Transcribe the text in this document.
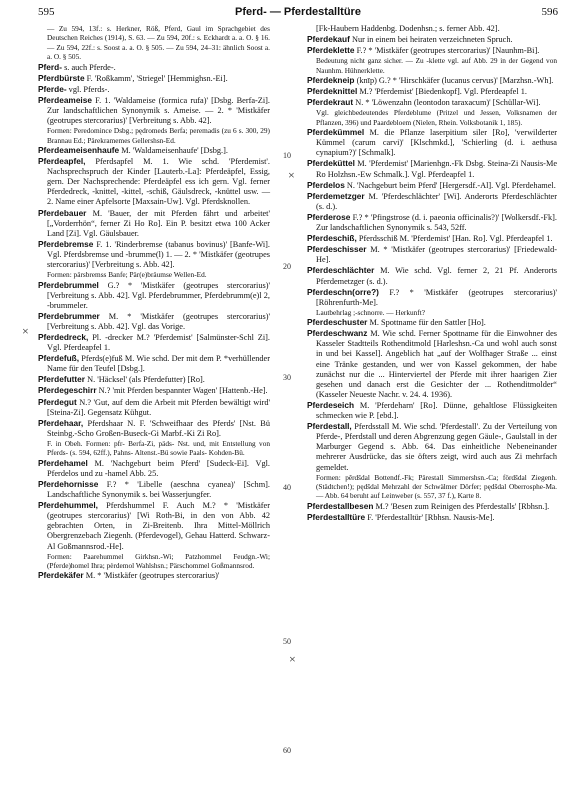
595	Pferd- — Pferdestalltüre	596

— Zu 594, 13f.: s. Herkner, Röß, Pferd, Gaul im Sprachgebiet des Deutschen Reiches (1914), S. 63. — Zu 594, 20f.: s. Eckhardt a. a. O. § 16. — Zu 594, 22f.: s. Soost a. a. O. § 505. — Zu 594, 24–31: ähnlich Soost a. a. O. § 505.

Pferd- s. auch Pferde-.

Pferdbürste F. 'Roßkamm', 'Striegel' [Hemmighsn.-Ei].

Pferde- vgl. Pferds-.

Pferdeameise F. 1. 'Waldameise (formica rufa)' [Dsbg. Berfa-Zi]. Zur landschaftlichen Synonymik s. Ameise. — 2. * 'Mistkäfer (geotrupes stercorarius)' [Verbreitung s. Abb. 42].

Formen: Peredomince Dsbg.; pędromeds Berfa; peremadis (zu 6 s. 300, 29) Brannau Ed.; Pärekramemes Gellershsn-Ed.

Pferdeameisenhaufe M. 'Waldameisenhaufe' [Dsbg.].

Pferdeapfel, Pferdsapfel M. 1. Wie schd. 'Pferdemist'. Nachsprechspruch der Kinder [Lauterb.-La]: Pferdeäpfel, Essig, gern. Der Nachsprechende: Pferdeäpfel ess ich gern. Vgl. ferner Pferdedreck, -knittel, -kittel, -schiß, Gäulsdreck, -knüttel usw. — 2. Name einer Apfelsorte [Maxsain-Uw]. Vgl. Pferdsknollen.

Pferdebauer M. 'Bauer, der mit Pferden fährt und arbeitet' [„Vorderrhön“, ferner Zi Ho Ro]. Ein P. besitzt etwa 100 Acker Land [Zi]. Vgl. Gäulsbauer.

Pferdebremse F. 1. 'Rinderbremse (tabanus bovinus)' [Banfe-Wi]. Vgl. Pferdsbremse und -brumme(l) 1. — 2. * 'Mistkäfer (geotrupes stercorarius)' [Verbreitung s. Abb. 42].

Formen: pärsbremss Banfe; Pär(e)bräumse Wellen-Ed.

Pferdebrummel G.? * 'Mistkäfer (geotrupes stercorarius)' [Verbreitung s. Abb. 42]. Vgl. Pferdebrummer, Pferdebrumm(e)l 2, -brummeler.

Pferdebrummer M. * 'Mistkäfer (geotrupes stercorarius)' [Verbreitung s. Abb. 42]. Vgl. das Vorige.

Pferdedreck, Pl. -drecker M.? 'Pferdemist' [Salmünster-Schl Zi]. Vgl. Pferdeapfel 1.

Pferdefuß, Pferds(e)fuß M. Wie schd. Der mit dem P. *verhüllender Name für den Teufel [Dsbg.].

Pferdefutter N. 'Häcksel' (als Pferdefutter) [Ro].

Pferdegeschirr N.? 'mit Pferden bespannter Wagen' [Hattenb.-He].

Pferdegut N.? 'Gut, auf dem die Arbeit mit Pferden bewältigt wird' [Steina-Zi]. Gegensatz Kühgut.

Pferdehaar, Pferdshaar N. F. 'Schweifhaar des Pferds' [Nst. Bü Steinbg.-Scho Großen-Buseck-Gi Marbf.-Ki Zi Ro].

F. in Obeh. Formen: pfr- Berfa-Zi, päds- Nst. und, mit Entstellung von Pferds- (s. 594, 62ff.), Pahns- Altenst.-Bü sowie Paals- Kohden-Bü.

Pferdehamel M. 'Nachgeburt beim Pferd' [Sudeck-Ei]. Vgl. Pferdelos und zu -hamel Abb. 25.

Pferdehornisse F.? * 'Libelle (aeschna cyanea)' [Schm]. Landschaftliche Synonymik s. bei Wasserjungfer.

Pferdehummel, Pferdshummel F. Auch M.? * 'Mistkäfer (geotrupes stercorarius)' [Wi Roth-Bi, in den von Abb. 42 gebrachten Orten, in Zi-Breitenb. Ihra Mittel-Möllrich Obergrenzebach Ziegenh. (Pferdevogel), Gehau Hatterd. Schwarz-Al Goßmannsrod.-He].

Formen: Paarehummel Girkhsn.-Wi; Patzhommel Feudgn.-Wi; (Pferde)homel Ihra; pèrdemol Wahlshsn.; Pärschommel Goßmannsrod.

Pferdekäfer M. * 'Mistkäfer (geotrupes stercorarius)'

[Fk-Haubern Haddenbg. Dodenhsn.; s. ferner Abb. 42].

Pferdekauf Nur in einem bei heiraten verzeichneten Spruch.

Pferdeklette F.? * 'Mistkäfer (geotrupes stercorarius)' [Naunhm-Bi].

Bedeutung nicht ganz sicher. — Zu -klette vgl. auf Abb. 29 in der Gegend von Naunhm. Hühnerklette.

Pferdekneip (knīp) G.? * 'Hirschkäfer (lucanus cervus)' [Marzhsn.-Wh].

Pferdeknittel M.? 'Pferdemist' [Biedenkopf]. Vgl. Pferdeapfel 1.

Pferdekraut N. * 'Löwenzahn (leontodon taraxacum)' [Schüllar-Wi].

Vgl. gleichbedeutendes Pferdeblume (Pritzel und Jessen, Volksnamen der Pflanzen, 396) und Paardebloem (Nielen, Rhein. Volksbotanik 1, 185).

Pferdekümmel M. die Pflanze laserpitium siler [Ro], 'verwilderter Kümmel (carum carvi)' [Klschmkd.], 'Schierling (d. i. aethusa cynapium?)' [Schmalk].

Pferdeküttel M. 'Pferdemist' [Marienhgn.-Fk Dsbg. Steina-Zi Nausis-Me Ro Holzhsn.-Ew Schmalk.]. Vgl. Pferdeapfel 1.

Pferdelos N. 'Nachgeburt beim Pferd' [Hergersdf.-Al]. Vgl. Pferdehamel.

Pferdemetzger M. 'Pferdeschlächter' [Wi]. Anderorts Pferdeschlächter (s. d.).

Pferderose F.? * 'Pfingstrose (d. i. paeonia officinalis?)' [Wolkersdf.-Fk]. Zur landschaftlichen Synonymik s. 543, 52ff.

Pferdeschiß, Pferdsschiß M. 'Pferdemist' [Han. Ro]. Vgl. Pferdeapfel 1.

Pferdeschisser M. * 'Mistkäfer (geotrupes stercorarius)' [Friedewald-He].

Pferdeschlächter M. Wie schd. Vgl. ferner 2, 21 Pf. Anderorts Pferdemetzger (s. d.).

Pferdeschn(orre?) F.? * 'Mistkäfer (geotrupes stercorarius)' [Röhrenfurth-Me].

Lautbehrlag ;-schnorre. — Herkunft?

Pferdeschuster M. Spottname für den Sattler [Ho].

Pferdeschwanz M. Wie schd. Ferner Spottname für die Einwohner des Kasseler Stadtteils Rothenditmold [Harleshsn.-Ca und wohl auch sonst in und bei Kassel]. Angeblich hat „auf der Wolfhager Straße ... einst eine Tränke gestanden, und wer von Kassel gekommen, der habe zunächst nur die ... Hinterviertel der Pferde mit ihrer haarigen Zier gesehen und danach erst die Gesichter der ... Rothenditmolder“ (Kasseler Neueste Nachr. v. 24. 4. 1936).

Pferdeseich M. 'Pferdeharn' [Ro]. Dünne, gehaltlose Flüssigkeiten schmecken wie P. [ebd.].

Pferdestall, Pferdsstall M. Wie schd. 'Pferdestall'. Zu der Verteilung von Pferde-, Pferdstall und deren Abgrenzung gegen Gäule-, Gaulstall in der Marburger Gegend s. Abb. 64. Das einheitliche Nebeneinander mehrerer Ausdrücke, das sie öfters zeigt, wird auch aus Zi mehrfach gemeldet.

Formen: pěrdšdal Bottendf.-Fk; Pärestall Simmershsn.-Ca; fördšdal Ziegenh. (Städtchen!); pędšdal Mehrzahl der Schwälmer Dörfer; pędšdal Oberrosphe-Ma. — Abb. 64 beruht auf Leinweber (s. 557, 37 f.), Karte 8.

Pferdestallbesen M.? 'Besen zum Reinigen des Pferdestalls' [Rbhsn.].

Pferdestalltüre F. 'Pferdestalltür' [Rbhsn. Nausis-Me].

10
20
30
40
50
60
×
×
×
